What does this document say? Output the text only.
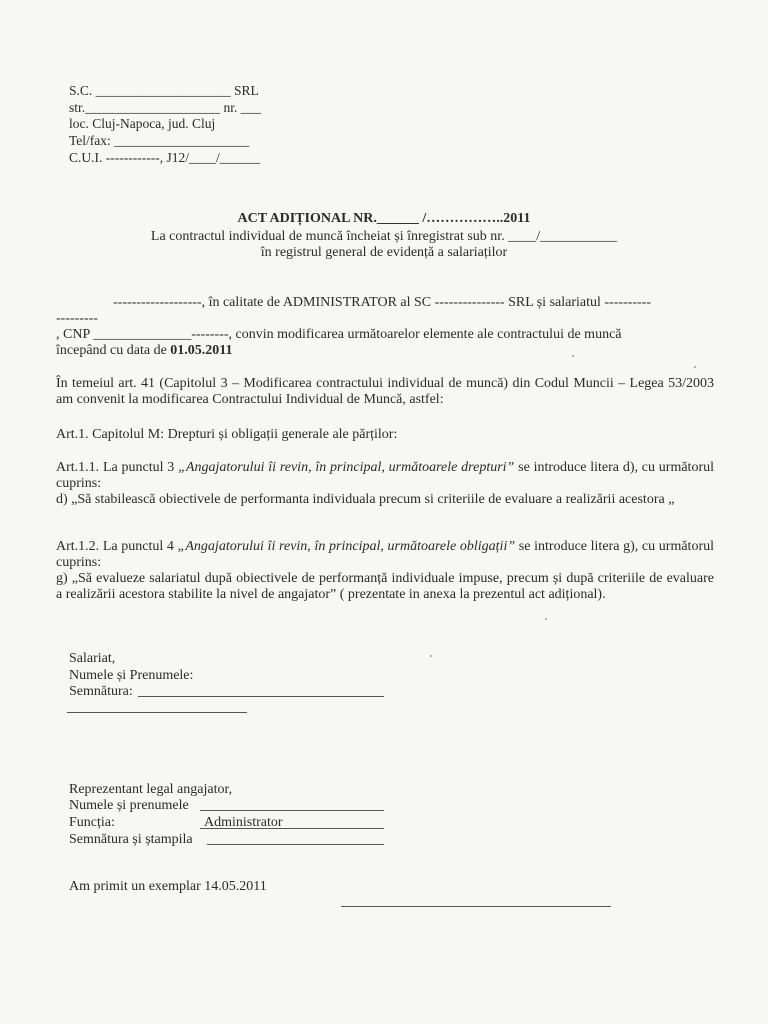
S.C. ____________________ SRL
str.____________________ nr. ___
loc. Cluj-Napoca, jud. Cluj
Tel/fax: ____________________
C.U.I. ------------, J12/____/______
ACT ADIȚIONAL NR.______ /……………..2011
La contractul individual de muncă încheiat și înregistrat sub nr. ____/___________
în registrul general de evidență a salariaților
-------------------, în calitate de ADMINISTRATOR al SC --------------- SRL și salariatul ----------
---------
, CNP ______________--------, convin modificarea următoarelor elemente ale contractului de muncă
începând cu data de 01.05.2011
În temeiul art. 41 (Capitolul 3 – Modificarea contractului individual de muncă) din Codul Muncii – Legea 53/2003 am convenit la modificarea Contractului Individual de Muncă, astfel:
Art.1. Capitolul M: Drepturi și obligații generale ale părților:
Art.1.1. La punctul 3 „Angajatorului îi revin, în principal, următoarele drepturi” se introduce litera d), cu următorul cuprins:
d) „Să stabilească obiectivele de performanta individuala precum si criteriile de evaluare a realizării acestora „
Art.1.2. La punctul 4 „Angajatorului îi revin, în principal, următoarele obligații” se introduce litera g), cu următorul cuprins:
g) „Să evalueze salariatul după obiectivele de performanță individuale impuse, precum și după criteriile de evaluare a realizării acestora stabilite la nivel de angajator” ( prezentate in anexa la prezentul act adițional).
Salariat,
Numele și Prenumele:
Semnătura:
Reprezentant legal angajator,
Numele și prenumele
Funcția:	Administrator
Semnătura și ștampila
Am primit un exemplar 14.05.2011
